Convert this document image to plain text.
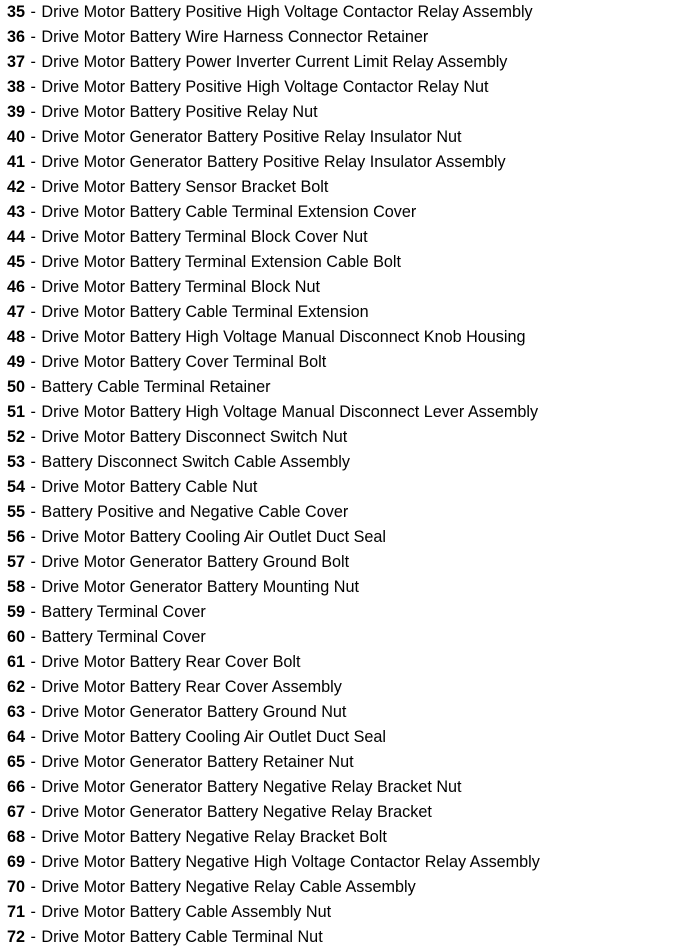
35 - Drive Motor Battery Positive High Voltage Contactor Relay Assembly
36 - Drive Motor Battery Wire Harness Connector Retainer
37 - Drive Motor Battery Power Inverter Current Limit Relay Assembly
38 - Drive Motor Battery Positive High Voltage Contactor Relay Nut
39 - Drive Motor Battery Positive Relay Nut
40 - Drive Motor Generator Battery Positive Relay Insulator Nut
41 - Drive Motor Generator Battery Positive Relay Insulator Assembly
42 - Drive Motor Battery Sensor Bracket Bolt
43 - Drive Motor Battery Cable Terminal Extension Cover
44 - Drive Motor Battery Terminal Block Cover Nut
45 - Drive Motor Battery Terminal Extension Cable Bolt
46 - Drive Motor Battery Terminal Block Nut
47 - Drive Motor Battery Cable Terminal Extension
48 - Drive Motor Battery High Voltage Manual Disconnect Knob Housing
49 - Drive Motor Battery Cover Terminal Bolt
50 - Battery Cable Terminal Retainer
51 - Drive Motor Battery High Voltage Manual Disconnect Lever Assembly
52 - Drive Motor Battery Disconnect Switch Nut
53 - Battery Disconnect Switch Cable Assembly
54 - Drive Motor Battery Cable Nut
55 - Battery Positive and Negative Cable Cover
56 - Drive Motor Battery Cooling Air Outlet Duct Seal
57 - Drive Motor Generator Battery Ground Bolt
58 - Drive Motor Generator Battery Mounting Nut
59 - Battery Terminal Cover
60 - Battery Terminal Cover
61 - Drive Motor Battery Rear Cover Bolt
62 - Drive Motor Battery Rear Cover Assembly
63 - Drive Motor Generator Battery Ground Nut
64 - Drive Motor Battery Cooling Air Outlet Duct Seal
65 - Drive Motor Generator Battery Retainer Nut
66 - Drive Motor Generator Battery Negative Relay Bracket Nut
67 - Drive Motor Generator Battery Negative Relay Bracket
68 - Drive Motor Battery Negative Relay Bracket Bolt
69 - Drive Motor Battery Negative High Voltage Contactor Relay Assembly
70 - Drive Motor Battery Negative Relay Cable Assembly
71 - Drive Motor Battery Cable Assembly Nut
72 - Drive Motor Battery Cable Terminal Nut
